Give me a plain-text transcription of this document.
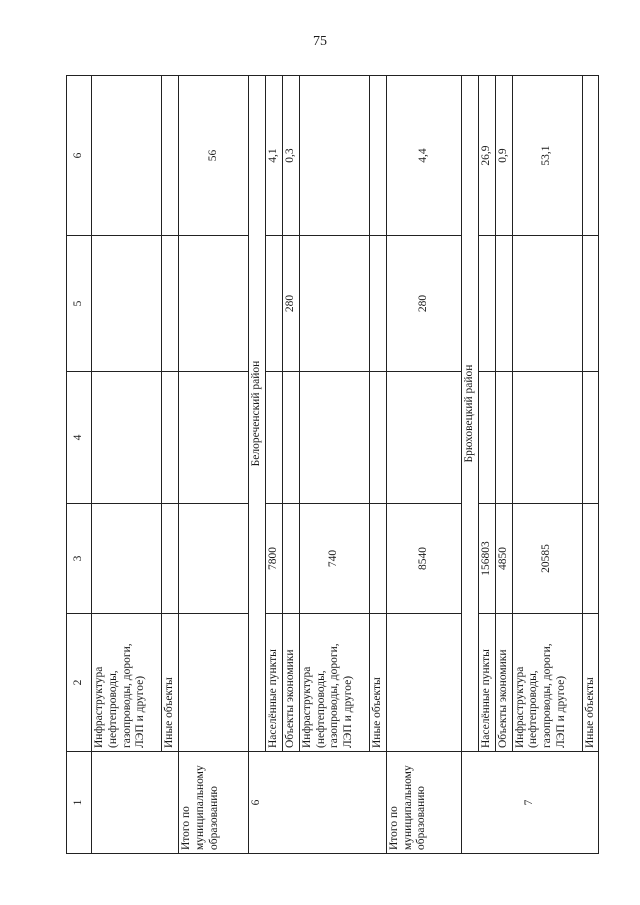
75
1	2	3	4	5	6
	Инфраструктура (нефтепроводы, газопроводы, дороги, ЛЭП и другое)				
	Иные объекты				
Итого по муниципальному образованию					56
6	Белореченский район				
	Населённые пункты	7800			4,1
	Объекты экономики			280	0,3
	Инфраструктура (нефтепроводы, газопроводы, дороги, ЛЭП и другое)	740			
	Иные объекты				
Итого по муниципальному образованию		8540		280	4,4
7	Брюховецкий район				
	Населённые пункты	156803			26,9
	Объекты экономики	4850			0,9
	Инфраструктура (нефтепроводы, газопроводы, дороги, ЛЭП и другое)	20585			53,1
	Иные объекты				
